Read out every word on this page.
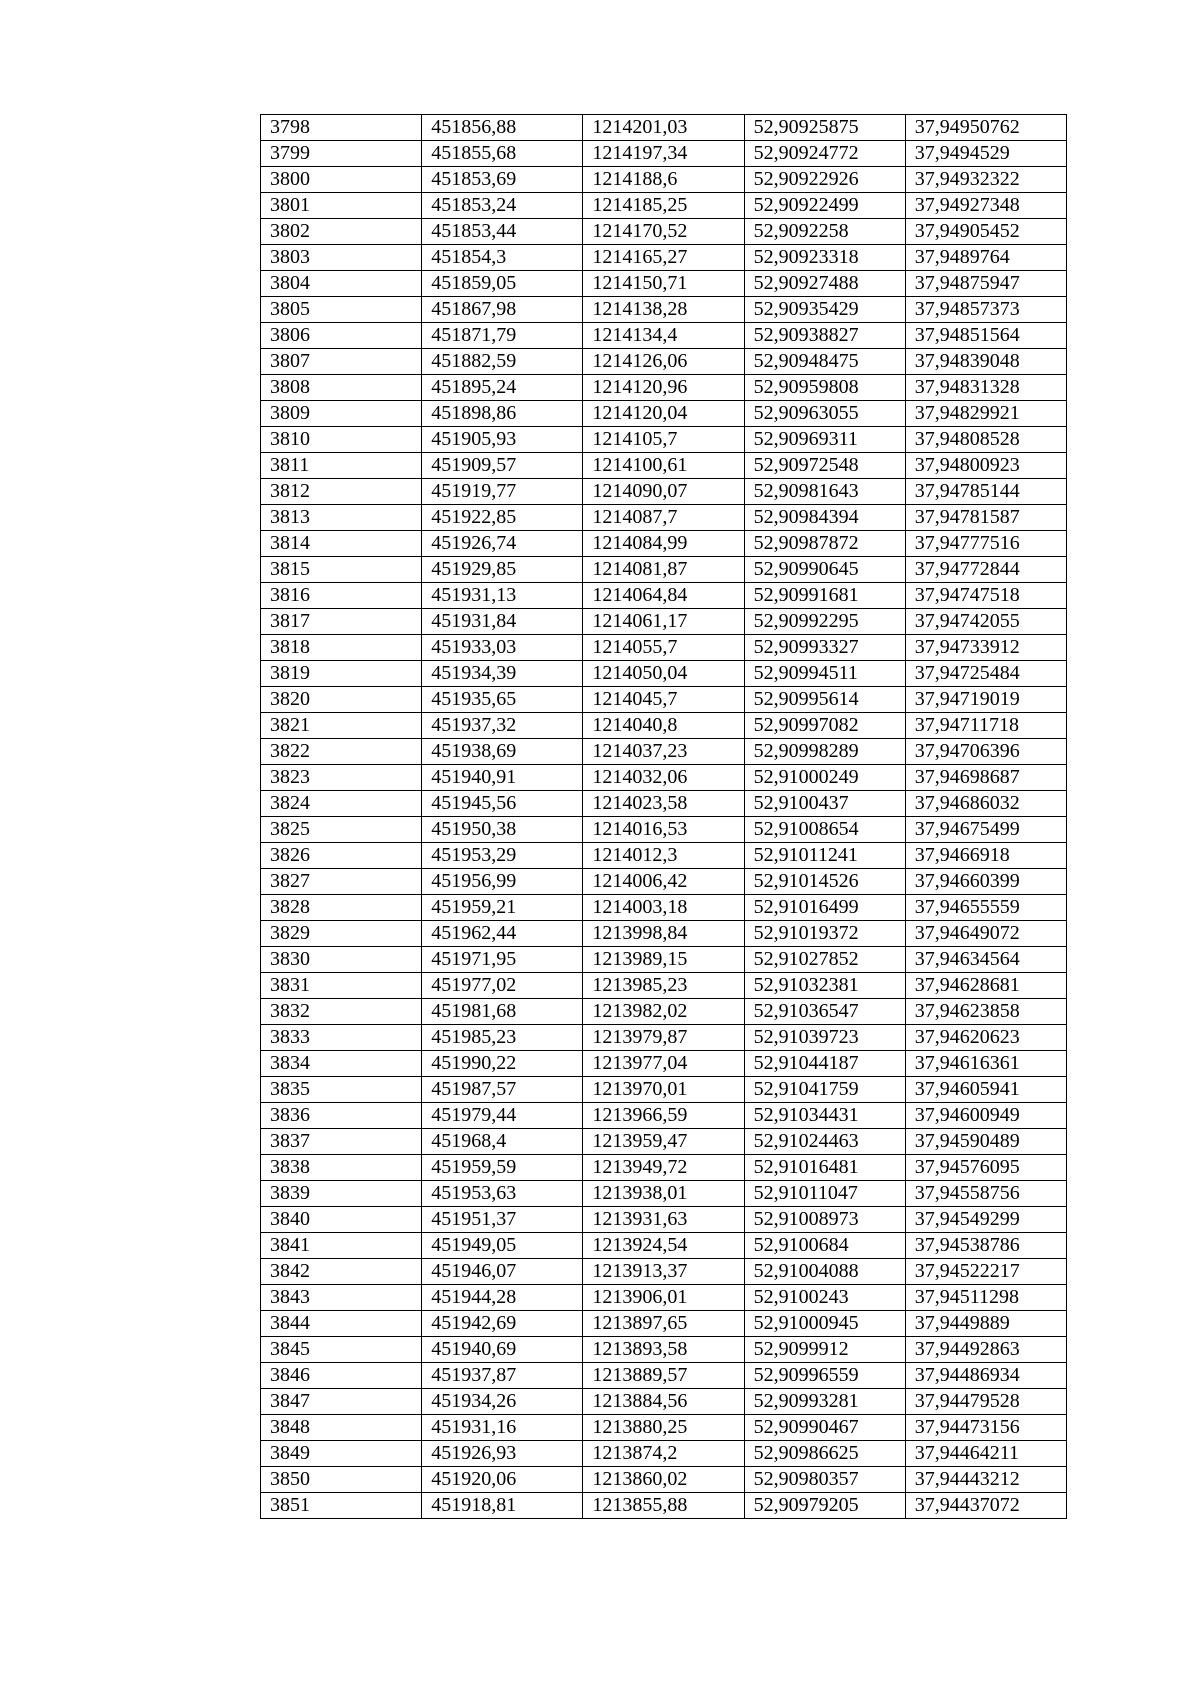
3798	451856,88	1214201,03	52,90925875	37,94950762
3799	451855,68	1214197,34	52,90924772	37,9494529
3800	451853,69	1214188,6	52,90922926	37,94932322
3801	451853,24	1214185,25	52,90922499	37,94927348
3802	451853,44	1214170,52	52,9092258	37,94905452
3803	451854,3	1214165,27	52,90923318	37,9489764
3804	451859,05	1214150,71	52,90927488	37,94875947
3805	451867,98	1214138,28	52,90935429	37,94857373
3806	451871,79	1214134,4	52,90938827	37,94851564
3807	451882,59	1214126,06	52,90948475	37,94839048
3808	451895,24	1214120,96	52,90959808	37,94831328
3809	451898,86	1214120,04	52,90963055	37,94829921
3810	451905,93	1214105,7	52,90969311	37,94808528
3811	451909,57	1214100,61	52,90972548	37,94800923
3812	451919,77	1214090,07	52,90981643	37,94785144
3813	451922,85	1214087,7	52,90984394	37,94781587
3814	451926,74	1214084,99	52,90987872	37,94777516
3815	451929,85	1214081,87	52,90990645	37,94772844
3816	451931,13	1214064,84	52,90991681	37,94747518
3817	451931,84	1214061,17	52,90992295	37,94742055
3818	451933,03	1214055,7	52,90993327	37,94733912
3819	451934,39	1214050,04	52,90994511	37,94725484
3820	451935,65	1214045,7	52,90995614	37,94719019
3821	451937,32	1214040,8	52,90997082	37,94711718
3822	451938,69	1214037,23	52,90998289	37,94706396
3823	451940,91	1214032,06	52,91000249	37,94698687
3824	451945,56	1214023,58	52,9100437	37,94686032
3825	451950,38	1214016,53	52,91008654	37,94675499
3826	451953,29	1214012,3	52,91011241	37,9466918
3827	451956,99	1214006,42	52,91014526	37,94660399
3828	451959,21	1214003,18	52,91016499	37,94655559
3829	451962,44	1213998,84	52,91019372	37,94649072
3830	451971,95	1213989,15	52,91027852	37,94634564
3831	451977,02	1213985,23	52,91032381	37,94628681
3832	451981,68	1213982,02	52,91036547	37,94623858
3833	451985,23	1213979,87	52,91039723	37,94620623
3834	451990,22	1213977,04	52,91044187	37,94616361
3835	451987,57	1213970,01	52,91041759	37,94605941
3836	451979,44	1213966,59	52,91034431	37,94600949
3837	451968,4	1213959,47	52,91024463	37,94590489
3838	451959,59	1213949,72	52,91016481	37,94576095
3839	451953,63	1213938,01	52,91011047	37,94558756
3840	451951,37	1213931,63	52,91008973	37,94549299
3841	451949,05	1213924,54	52,9100684	37,94538786
3842	451946,07	1213913,37	52,91004088	37,94522217
3843	451944,28	1213906,01	52,9100243	37,94511298
3844	451942,69	1213897,65	52,91000945	37,9449889
3845	451940,69	1213893,58	52,9099912	37,94492863
3846	451937,87	1213889,57	52,90996559	37,94486934
3847	451934,26	1213884,56	52,90993281	37,94479528
3848	451931,16	1213880,25	52,90990467	37,94473156
3849	451926,93	1213874,2	52,90986625	37,94464211
3850	451920,06	1213860,02	52,90980357	37,94443212
3851	451918,81	1213855,88	52,90979205	37,94437072
